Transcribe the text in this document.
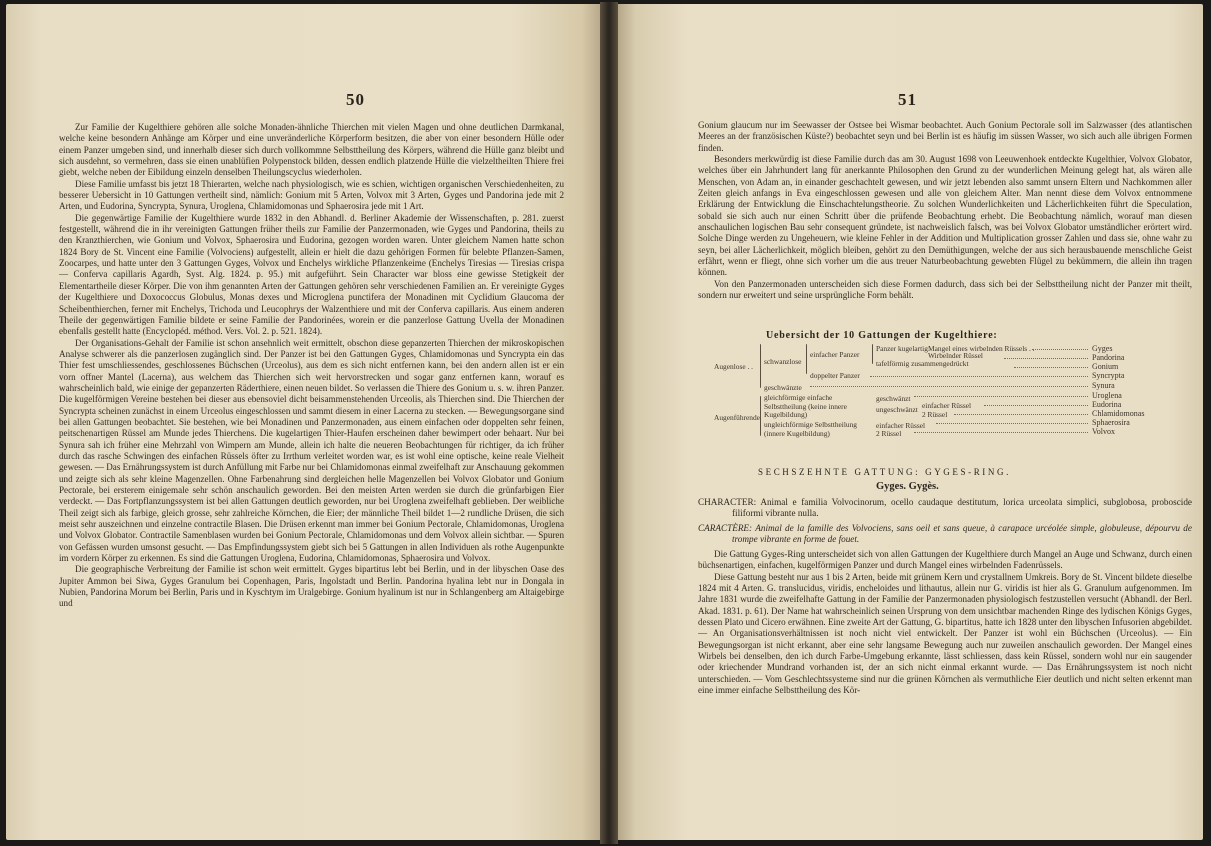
50

Zur Familie der Kugelthiere gehören alle solche Monaden-ähnliche Thierchen mit vielen Magen und ohne deutlichen Darmkanal, welche keine besondern Anhänge am Körper und eine unveränderliche Körperform besitzen, die aber von einer besondern Hülle oder einem Panzer umgeben sind, und innerhalb dieser sich durch vollkommne Selbsttheilung des Körpers, während die Hülle ganz bleibt und sich ausdehnt, so vermehren, dass sie einen unablüfien Polypenstock bilden, dessen endlich platzende Hülle die vielzeltheilten Thiere frei giebt, welche neben der Eibildung einzeln denselben Theilungscyclus wiederholen.

Diese Familie umfasst bis jetzt 18 Thierarten, welche nach physiologisch, wie es schien, wichtigen organischen Verschiedenheiten, zu besserer Uebersicht in 10 Gattungen vertheilt sind, nämlich: Gonium mit 5 Arten, Volvox mit 3 Arten, Gyges und Pandorina jede mit 2 Arten, und Eudorina, Syncrypta, Synura, Uroglena, Chlamidomonas und Sphaerosira jede mit 1 Art.

Die gegenwärtige Familie der Kugelthiere wurde 1832 in den Abhandl. d. Berliner Akademie der Wissenschaften, p. 281. zuerst festgestellt, während die in ihr vereinigten Gattungen früher theils zur Familie der Panzermonaden, wie Gyges und Pandorina, theils zu den Kranzthierchen, wie Gonium und Volvox, Sphaerosira und Eudorina, gezogen worden waren. Unter gleichem Namen hatte schon 1824 Bory de St. Vincent eine Familie (Volvociens) aufgestellt, allein er hielt die dazu gehörigen Formen für belebte Pflanzen-Samen, Zoocarpes, und hatte unter den 3 Gattungen Gyges, Volvox und Enchelys wirkliche Pflanzenkeime (Enchelys Tiresias — Tiresias crispa — Conferva capillaris Agardh, Syst. Alg. 1824. p. 95.) mit aufgeführt. Sein Character war bloss eine gewisse Stetigkeit der Elementartheile dieser Körper. Die von ihm genannten Arten der Gattungen gehören sehr verschiedenen Familien an. Er vereinigte Gyges der Kugelthiere und Doxococcus Globulus, Monas dexes und Microglena punctifera der Monadinen mit Cyclidium Glaucoma der Scheibenthierchen, ferner mit Enchelys, Trichoda und Leucophrys der Walzenthiere und mit der Conferva capillaris. Aus einem anderen Theile der gegenwärtigen Familie bildete er seine Familie der Pandorinées, worein er die panzerlose Gattung Uvella der Monadinen ebenfalls gestellt hatte (Encyclopéd. méthod. Vers. Vol. 2. p. 521. 1824).

Der Organisations-Gehalt der Familie ist schon ansehnlich weit ermittelt, obschon diese gepanzerten Thierchen der mikroskopischen Analyse schwerer als die panzerlosen zugänglich sind. Der Panzer ist bei den Gattungen Gyges, Chlamidomonas und Syncrypta ein das Thier fest umschliessendes, geschlossenes Büchschen (Urceolus), aus dem es sich nicht entfernen kann, bei den andern allen ist er ein vorn offner Mantel (Lacerna), aus welchem das Thierchen sich weit hervorstrecken und sogar ganz entfernen kann, worauf es wahrscheinlich bald, wie einige der gepanzerten Räderthiere, einen neuen bildet. So verlassen die Thiere des Gonium u. s. w. ihren Panzer. Die kugelförmigen Vereine bestehen bei dieser aus ebensoviel dicht beisammenstehenden Urceolis, als Thierchen sind. Die Thierchen der Syncrypta scheinen zunächst in einem Urceolus eingeschlossen und sammt diesem in einer Lacerna zu stecken. — Bewegungsorgane sind bei allen Gattungen beobachtet. Sie bestehen, wie bei Monadinen und Panzermonaden, aus einem einfachen oder doppelten sehr feinen, peitschenartigen Rüssel am Munde jedes Thierchens. Die kugelartigen Thier-Haufen erscheinen daher bewimpert oder behaart. Nur bei Synura sah ich früher eine Mehrzahl von Wimpern am Munde, allein ich halte die neueren Beobachtungen für richtiger, da ich früher durch das rasche Schwingen des einfachen Rüssels öfter zu Irrthum verleitet worden war, es ist wohl eine optische, keine reale Vielheit gewesen. — Das Ernährungssystem ist durch Anfüllung mit Farbe nur bei Chlamidomonas einmal zweifelhaft zur Anschauung gekommen und zeigte sich als sehr kleine Magenzellen. Ohne Farbenahrung sind dergleichen helle Magenzellen bei Volvox Globator und Gonium Pectorale, bei ersterem einigemale sehr schön anschaulich geworden. Bei den meisten Arten werden sie durch die grünfarbigen Eier verdeckt. — Das Fortpflanzungssystem ist bei allen Gattungen deutlich geworden, nur bei Uroglena zweifelhaft geblieben. Der weibliche Theil zeigt sich als farbige, gleich grosse, sehr zahlreiche Körnchen, die Eier; der männliche Theil bildet 1—2 rundliche Drüsen, die sich meist sehr auszeichnen und einzelne contractile Blasen. Die Drüsen erkennt man immer bei Gonium Pectorale, Chlamidomonas, Uroglena und Volvox Globator. Contractile Samenblasen wurden bei Gonium Pectorale, Chlamidomonas und dem Volvox allein sichtbar. — Spuren von Gefässen wurden umsonst gesucht. — Das Empfindungssystem giebt sich bei 5 Gattungen in allen Individuen als rothe Augenpunkte im vordern Körper zu erkennen. Es sind die Gattungen Uroglena, Eudorina, Chlamidomonas, Sphaerosira und Volvox.

Die geographische Verbreitung der Familie ist schon weit ermittelt. Gyges bipartitus lebt bei Berlin, und in der libyschen Oase des Jupiter Ammon bei Siwa, Gyges Granulum bei Copenhagen, Paris, Ingolstadt und Berlin. Pandorina hyalina lebt nur in Dongala in Nubien, Pandorina Morum bei Berlin, Paris und in Kyschtym im Uralgebirge. Gonium hyalinum ist nur in Schlangenberg am Altaigebirge und

51

Gonium glaucum nur im Seewasser der Ostsee bei Wismar beobachtet. Auch Gonium Pectorale soll im Salzwasser (des atlantischen Meeres an der französischen Küste?) beobachtet seyn und bei Berlin ist es häufig im süssen Wasser, wo sich auch alle übrigen Formen finden.

Besonders merkwürdig ist diese Familie durch das am 30. August 1698 von Leeuwenhoek entdeckte Kugelthier, Volvox Globator, welches über ein Jahrhundert lang für anerkannte Philosophen den Grund zu der wunderlichen Meinung gelegt hat, als wären alle Menschen, von Adam an, in einander geschachtelt gewesen, und wir jetzt lebenden also sammt unsern Eltern und Nachkommen aller Zeiten gleich anfangs in Eva eingeschlossen gewesen und alle von gleichem Alter. Man nennt diese dem Volvox entnommene Erklärung der Entwicklung die Einschachtelungstheorie. Zu solchen Wunderlichkeiten und Lächerlichkeiten führt die Speculation, sobald sie sich auch nur einen Schritt über die prüfende Beobachtung erhebt. Die Beobachtung nämlich, worauf man diesen anschaulichen logischen Bau sehr consequent gründete, ist nachweislich falsch, was bei Volvox Globator umständlicher erörtert wird. Solche Dinge werden zu Ungeheuern, wie kleine Fehler in der Addition und Multiplication grosser Zahlen und dass sie, ohne wahr zu seyn, bei aller Lächerlichkeit, möglich bleiben, gehört zu den Demüthigungen, welche der aus sich herausbauende menschliche Geist erfährt, wenn er fliegt, ohne sich vorher um die aus treuer Naturbeobachtung gewebten Flügel zu bekümmern, die allein ihn tragen können.

Von den Panzermonaden unterscheiden sich diese Formen dadurch, dass sich bei der Selbsttheilung nicht der Panzer mit theilt, sondern nur erweitert und seine ursprüngliche Form behält.

Uebersicht der 10 Gattungen der Kugelthiere:
Augenlose . .
Augenführende
schwanzlose
geschwänzte
einfacher Panzer
doppelter Panzer
Panzer kugelartig
tafelförmig zusammengedrückt
Mangel eines wirbelnden Rüssels . .
Wirbelnder Rüssel
gleichförmige einfache Selbsttheilung (keine innere Kugelbildung)
ungleichförmige Selbsttheilung (innere Kugelbildung)
geschwänzt
ungeschwänzt einfacher Rüssel
2 Rüssel
einfacher Rüssel
2 Rüssel
Gyges
Pandorina
Gonium
Syncrypta
Synura
Uroglena
Eudorina
Chlamidomonas
Sphaerosira
Volvox
SECHSZEHNTE GATTUNG: GYGES-RING.
Gyges. Gygès.
CHARACTER: Animal e familia Volvocinorum, ocello caudaque destitutum, lorica urceolata simplici, subglobosa, proboscide filiformi vibrante nulla.
CARACTÈRE: Animal de la famille des Volvociens, sans oeil et sans queue, à carapace urcéolée simple, globuleuse, dépourvu de trompe vibrante en forme de fouet.

Die Gattung Gyges-Ring unterscheidet sich von allen Gattungen der Kugelthiere durch Mangel an Auge und Schwanz, durch einen büchsenartigen, einfachen, kugelförmigen Panzer und durch Mangel eines wirbelnden Fadenrüssels.

Diese Gattung besteht nur aus 1 bis 2 Arten, beide mit grünem Kern und crystallnem Umkreis. Bory de St. Vincent bildete dieselbe 1824 mit 4 Arten. G. translucidus, viridis, encheloides und lithautus, allein nur G. viridis ist hier als G. Granulum aufgenommen. Im Jahre 1831 wurde die zweifelhafte Gattung in der Familie der Panzermonaden physiologisch festzustellen versucht (Abhandl. der Berl. Akad. 1831. p. 61). Der Name hat wahrscheinlich seinen Ursprung von dem unsichtbar machenden Ringe des lydischen Königs Gyges, dessen Plato und Cicero erwähnen. Eine zweite Art der Gattung, G. bipartitus, hatte ich 1828 unter den libyschen Infusorien abgebildet. — An Organisationsverhältnissen ist noch nicht viel entwickelt. Der Panzer ist wohl ein Büchschen (Urceolus). — Ein Bewegungsorgan ist nicht erkannt, aber eine sehr langsame Bewegung auch nur zuweilen anschaulich geworden. Der Mangel eines Wirbels bei denselben, den ich durch Farbe-Umgebung erkannte, lässt schliessen, dass kein Rüssel, sondern wohl nur ein saugender oder kriechender Mundrand vorhanden ist, der an sich nicht einmal erkannt wurde. — Das Ernährungssystem ist noch nicht unterschieden. — Vom Geschlechtssysteme sind nur die grünen Körnchen als vermuthliche Eier deutlich und nicht selten erkennt man eine immer einfache Selbsttheilung des Kör-
